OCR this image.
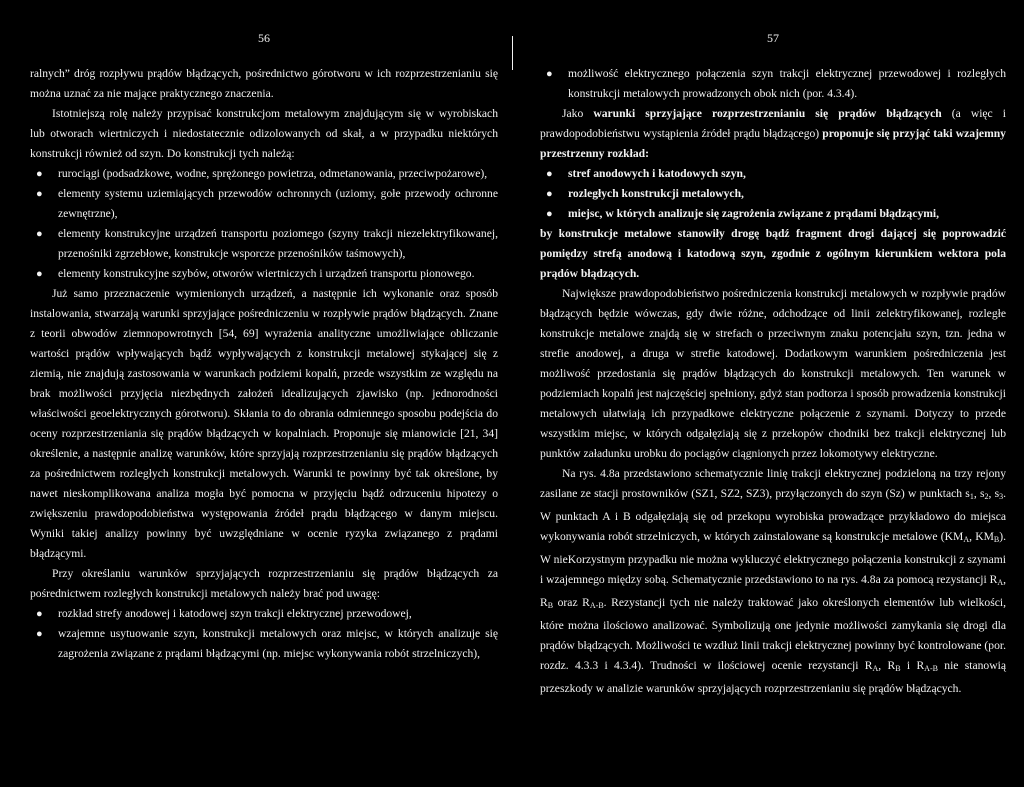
56

ralnych” dróg rozpływu prądów błądzących, pośrednictwo górotworu w ich rozprzestrzenianiu się można uznać za nie mające praktycznego znaczenia.

Istotniejszą rolę należy przypisać konstrukcjom metalowym znajdującym się w wyrobiskach lub otworach wiertniczych i niedostatecznie odizolowanych od skał, a w przypadku niektórych konstrukcji również od szyn. Do konstrukcji tych należą:

● rurociągi (podsadzkowe, wodne, sprężonego powietrza, odmetanowania, przeciwpożarowe),
● elementy systemu uziemiających przewodów ochronnych (uziomy, gołe przewody ochronne zewnętrzne),
● elementy konstrukcyjne urządzeń transportu poziomego (szyny trakcji niezelektryfikowanej, przenośniki zgrzebłowe, konstrukcje wsporcze przenośników taśmowych),
● elementy konstrukcyjne szybów, otworów wiertniczych i urządzeń transportu pionowego.

Już samo przeznaczenie wymienionych urządzeń, a następnie ich wykonanie oraz sposób instalowania, stwarzają warunki sprzyjające pośredniczeniu w rozpływie prądów błądzących. Znane z teorii obwodów ziemnopowrotnych [54, 69] wyrażenia analityczne umożliwiające obliczanie wartości prądów wpływających bądź wypływających z konstrukcji metalowej stykającej się z ziemią, nie znajdują zastosowania w warunkach podziemi kopalń, przede wszystkim ze względu na brak możliwości przyjęcia niezbędnych założeń idealizujących zjawisko (np. jednorodności właściwości geoelektrycznych górotworu). Skłania to do obrania odmiennego sposobu podejścia do oceny rozprzestrzeniania się prądów błądzących w kopalniach. Proponuje się mianowicie [21, 34] określenie, a następnie analizę warunków, które sprzyjają rozprzestrzenianiu się prądów błądzących za pośrednictwem rozległych konstrukcji metalowych. Warunki te powinny być tak określone, by nawet nieskomplikowana analiza mogła być pomocna w przyjęciu bądź odrzuceniu hipotezy o zwiększeniu prawdopodobieństwa występowania źródeł prądu błądzącego w danym miejscu. Wyniki takiej analizy powinny być uwzględniane w ocenie ryzyka związanego z prądami błądzącymi.

Przy określaniu warunków sprzyjających rozprzestrzenianiu się prądów błądzących za pośrednictwem rozległych konstrukcji metalowych należy brać pod uwagę:

● rozkład strefy anodowej i katodowej szyn trakcji elektrycznej przewodowej,
● wzajemne usytuowanie szyn, konstrukcji metalowych oraz miejsc, w których analizuje się zagrożenia związane z prądami błądzącymi (np. miejsc wykonywania robót strzelniczych),
57
● możliwość elektrycznego połączenia szyn trakcji elektrycznej przewodowej i rozległych konstrukcji metalowych prowadzonych obok nich (por. 4.3.4).

Jako warunki sprzyjające rozprzestrzenianiu się prądów błądzących (a więc i prawdopodobieństwu wystąpienia źródeł prądu błądzącego) proponuje się przyjąć taki wzajemny przestrzenny rozkład:

● stref anodowych i katodowych szyn,
● rozległych konstrukcji metalowych,
● miejsc, w których analizuje się zagrożenia związane z prądami błądzącymi,

by konstrukcje metalowe stanowiły drogę bądź fragment drogi dającej się poprowadzić pomiędzy strefą anodową i katodową szyn, zgodnie z ogólnym kierunkiem wektora pola prądów błądzących.

Największe prawdopodobieństwo pośredniczenia konstrukcji metalowych w rozpływie prądów błądzących będzie wówczas, gdy dwie różne, odchodzące od linii zelektryfikowanej, rozległe konstrukcje metalowe znajdą się w strefach o przeciwnym znaku potencjału szyn, tzn. jedna w strefie anodowej, a druga w strefie katodowej. Dodatkowym warunkiem pośredniczenia jest możliwość przedostania się prądów błądzących do konstrukcji metalowych. Ten warunek w podziemiach kopalń jest najczęściej spełniony, gdyż stan podtorza i sposób prowadzenia konstrukcji metalowych ułatwiają ich przypadkowe elektryczne połączenie z szynami. Dotyczy to przede wszystkim miejsc, w których odgałęziają się z przekopów chodniki bez trakcji elektrycznej lub punktów załadunku urobku do pociągów ciągnionych przez lokomotywy elektryczne.

Na rys. 4.8a przedstawiono schematycznie linię trakcji elektrycznej podzieloną na trzy rejony zasilane ze stacji prostowników (SZ1, SZ2, SZ3), przyłączonych do szyn (Sz) w punktach $s_1$, $s_2$, $s_3$. W punktach A i B odgałęziają się od przekopu wyrobiska prowadzące przykładowo do miejsca wykonywania robót strzelniczych, w których zainstalowane są konstrukcje metalowe ($KM_A$, $KM_B$). W nieKorzystnym przypadku nie można wykluczyć elektrycznego połączenia konstrukcji z szynami i wzajemnego między sobą. Schematycznie przedstawiono to na rys. 4.8a za pomocą rezystancji $R_A$, $R_B$ oraz $R_{A-B}$. Rezystancji tych nie należy traktować jako określonych elementów lub wielkości, które można ilościowo analizować. Symbolizują one jedynie możliwości zamykania się drogi dla prądów błądzących. Możliwości te wzdłuż linii trakcji elektrycznej powinny być kontrolowane (por. rozdz. 4.3.3 i 4.3.4). Trudności w ilościowej ocenie rezystancji $R_A$, $R_B$ i $R_{A-B}$ nie stanowią przeszkody w analizie warunków sprzyjających rozprzestrzenianiu się prądów błądzących.
